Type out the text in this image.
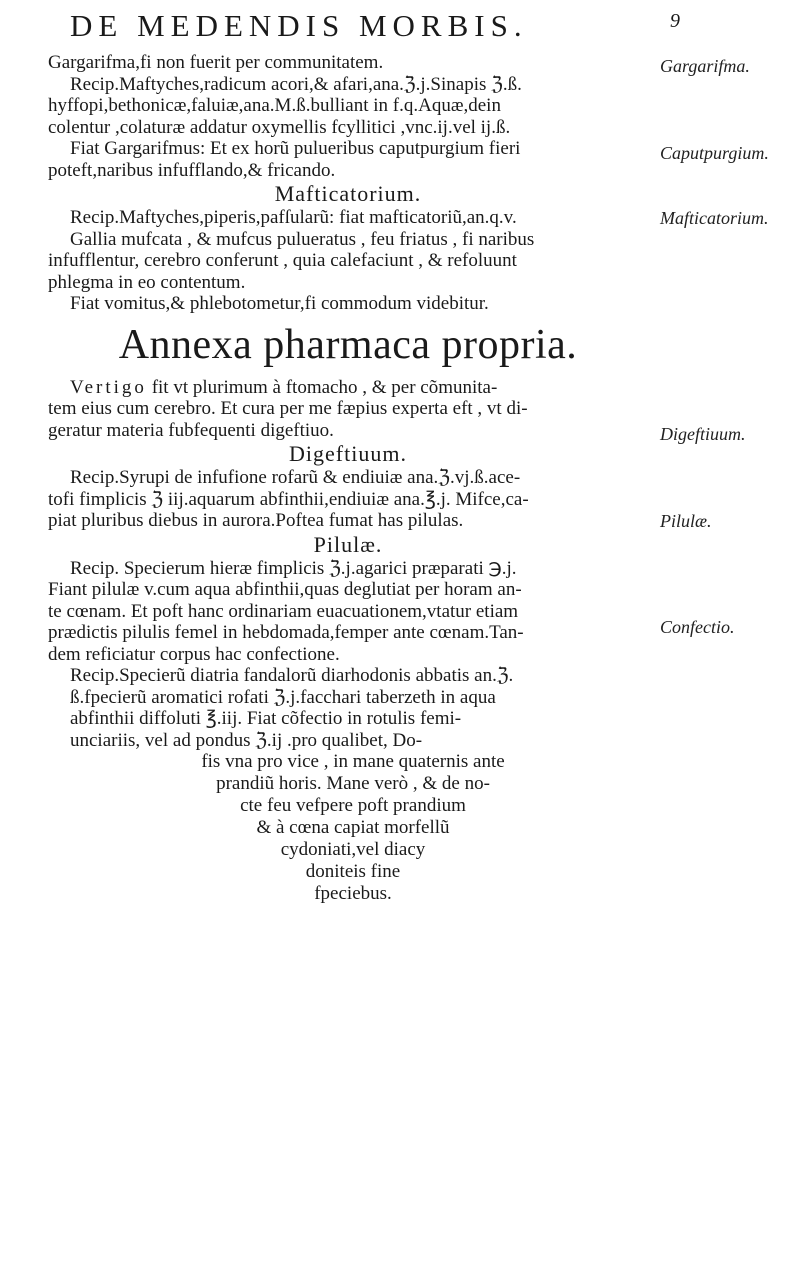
DE MEDENDIS MORBIS.	9
Gargarifma.
Caputpurgium.
Mafticatorium.
Digeftiuum.
Pilulæ.
Confectio.
Gargarifma,fi non fuerit per communitatem.
Recip.Maftyches,radicum acori,& afari,ana.ℨ.j.Sinapis ℨ.ß.
hyffopi,bethonicæ,faluiæ,ana.M.ß.bulliant in f.q.Aquæ,dein
colentur ,colaturæ addatur oxymellis fcyllitici ,vnc.ij.vel ij.ß.
Fiat Gargarifmus: Et ex horũ pulueribus caputpurgium fieri
poteft,naribus infufflando,& fricando.
Mafticatorium.
Recip.Maftyches,piperis,pafſularũ: fiat mafticatoriũ,an.q.v.
Gallia mufcata , & mufcus pulueratus , feu friatus , fi naribus
infufflentur, cerebro conferunt , quia calefaciunt , & refoluunt
phlegma in eo contentum.
Fiat vomitus,& phlebotometur,fi commodum videbitur.
Annexa pharmaca propria.
Vertigo fit vt plurimum à ftomacho , & per cõmunita-
tem eius cum cerebro. Et cura per me fæpius experta eft , vt di-
geratur materia fubfequenti digeftiuo.
Digeftiuum.
Recip.Syrupi de infufione rofarũ & endiuiæ ana.ℨ.vj.ß.ace-
tofi fimplicis ℨ iij.aquarum abfinthii,endiuiæ ana.℥.j. Mifce,ca-
piat pluribus diebus in aurora.Poftea fumat has pilulas.
Pilulæ.
Recip. Specierum hieræ fimplicis ℨ.j.agarici præparati ℈.j.
Fiant pilulæ v.cum aqua abfinthii,quas deglutiat per horam an-
te cœnam. Et poft hanc ordinariam euacuationem,vtatur etiam
prædictis pilulis femel in hebdomada,femper ante cœnam.Tan-
dem reficiatur corpus hac confectione.
Recip.Specierũ diatria fandalorũ diarhodonis abbatis an.ℨ.
ß.fpecierũ aromatici rofati ℨ.j.facchari taberzeth in aqua
abfinthii diffoluti ℥.iij. Fiat cõfectio in rotulis femi-
unciariis, vel ad pondus ℨ.ij .pro qualibet, Do-
fis vna pro vice , in mane quaternis ante
prandiũ horis. Mane verò , & de no-
cte feu vefpere poft prandium
& à cœna capiat morfellũ
cydoniati,vel diacy
doniteis fine
fpeciebus.
